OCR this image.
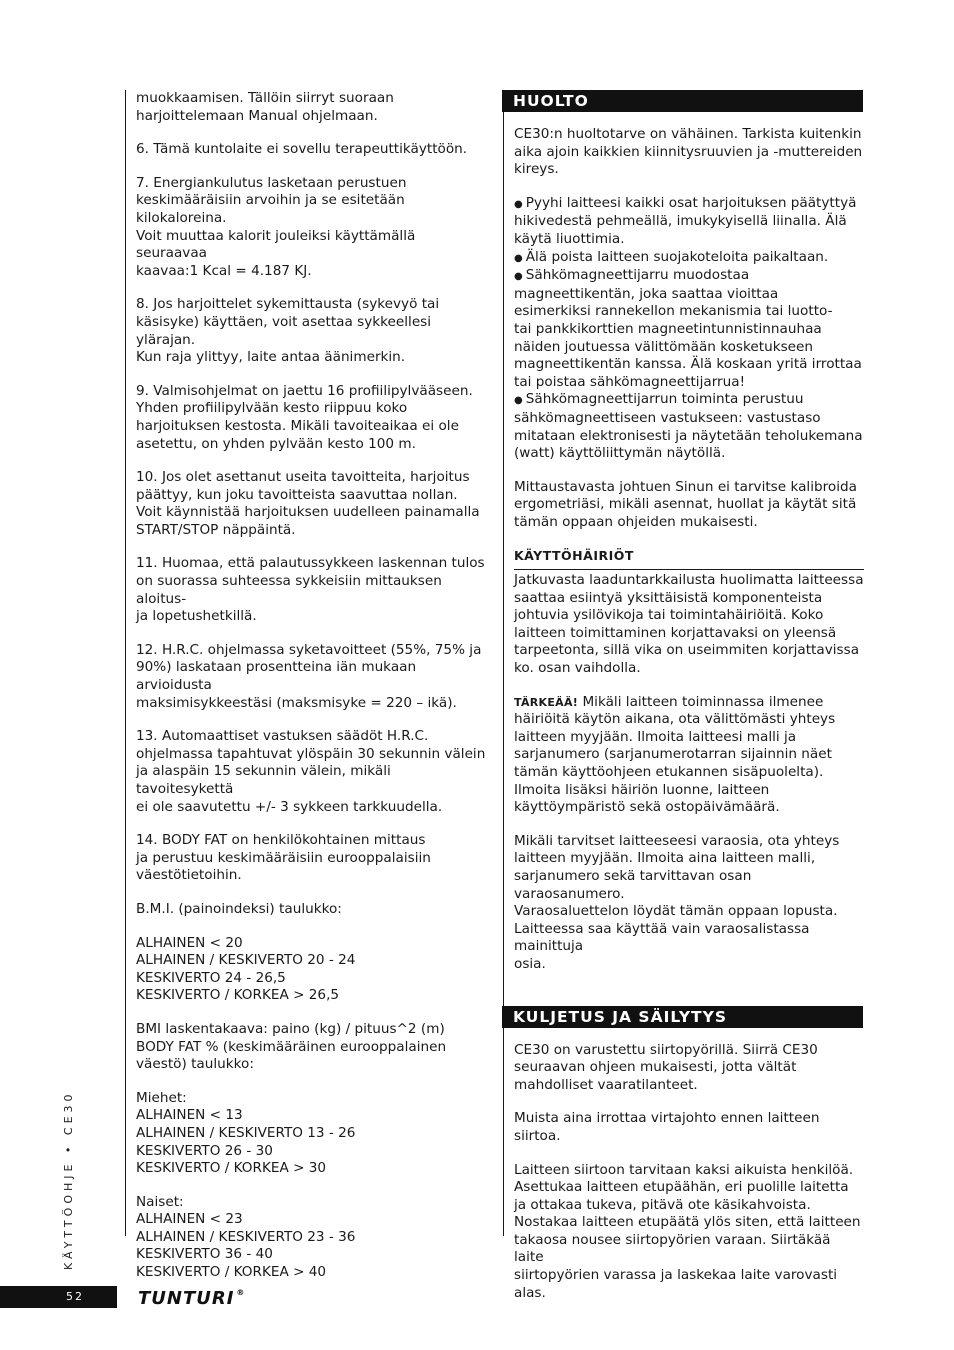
muokkaamisen. Tällöin siirryt suoraan
harjoittelemaan Manual ohjelmaan.

6. Tämä kuntolaite ei sovellu terapeuttikäyttöön.

7. Energiankulutus lasketaan perustuen
keskimääräisiin arvoihin ja se esitetään kilokaloreina.
Voit muuttaa kalorit jouleiksi käyttämällä seuraavaa
kaavaa:1 Kcal = 4.187 KJ.

8. Jos harjoittelet sykemittausta (sykevyö tai
käsisyke) käyttäen, voit asettaa sykkeellesi ylärajan.
Kun raja ylittyy, laite antaa äänimerkin.

9. Valmisohjelmat on jaettu 16 profiilipylvääseen.
Yhden profiilipylvään kesto riippuu koko
harjoituksen kestosta. Mikäli tavoiteaikaa ei ole
asetettu, on yhden pylvään kesto 100 m.

10. Jos olet asettanut useita tavoitteita, harjoitus
päättyy, kun joku tavoitteista saavuttaa nollan.
Voit käynnistää harjoituksen uudelleen painamalla
START/STOP näppäintä.

11. Huomaa, että palautussykkeen laskennan tulos
on suorassa suhteessa sykkeisiin mittauksen aloitus-
ja lopetushetkillä.

12. H.R.C. ohjelmassa syketavoitteet (55%, 75% ja
90%) laskataan prosentteina iän mukaan arvioidusta
maksimisykkeestäsi (maksmisyke = 220 – ikä).

13. Automaattiset vastuksen säädöt H.R.C.
ohjelmassa tapahtuvat ylöspäin 30 sekunnin välein
ja alaspäin 15 sekunnin välein, mikäli tavoitesykettä
ei ole saavutettu +/- 3 sykkeen tarkkuudella.

14. BODY FAT on henkilökohtainen mittaus
ja perustuu keskimääräisiin eurooppalaisiin
väestötietoihin.

B.M.I. (painoindeksi) taulukko:

ALHAINEN < 20
ALHAINEN / KESKIVERTO 20 - 24
KESKIVERTO 24 - 26,5
KESKIVERTO / KORKEA > 26,5

BMI laskentakaava: paino (kg) / pituus^2 (m)
BODY FAT % (keskimääräinen eurooppalainen
väestö) taulukko:

Miehet:
ALHAINEN < 13
ALHAINEN / KESKIVERTO 13 - 26
KESKIVERTO 26 - 30
KESKIVERTO / KORKEA > 30

Naiset:
ALHAINEN < 23
ALHAINEN / KESKIVERTO 23 - 36
KESKIVERTO 36 - 40
KESKIVERTO / KORKEA > 40

HUOLTO

CE30:n huoltotarve on vähäinen. Tarkista kuitenkin
aika ajoin kaikkien kiinnitysruuvien ja -muttereiden
kireys.

● Pyyhi laitteesi kaikki osat harjoituksen päätyttyä
hikivedestä pehmeällä, imukykyisellä liinalla. Älä
käytä liuottimia.

● Älä poista laitteen suojakoteloita paikaltaan.

● Sähkömagneettijarru muodostaa
magneettikentän, joka saattaa vioittaa
esimerkiksi rannekellon mekanismia tai luotto-
tai pankkikorttien magneetintunnistinnauhaa
näiden joutuessa välittömään kosketukseen
magneettikentän kanssa. Älä koskaan yritä irrottaa
tai poistaa sähkömagneettijarrua!

● Sähkömagneettijarrun toiminta perustuu
sähkömagneettiseen vastukseen: vastustaso
mitataan elektronisesti ja näytetään teholukemana
(watt) käyttöliittymän näytöllä.

Mittaustavasta johtuen Sinun ei tarvitse kalibroida
ergometriäsi, mikäli asennat, huollat ja käytät sitä
tämän oppaan ohjeiden mukaisesti.

KÄYTTÖHÄIRIÖT

Jatkuvasta laaduntarkkailusta huolimatta laitteessa
saattaa esiintyä yksittäisistä komponenteista
johtuvia ysilövikoja tai toimintahäiriöitä. Koko
laitteen toimittaminen korjattavaksi on yleensä
tarpeetonta, sillä vika on useimmiten korjattavissa
ko. osan vaihdolla.

TÄRKEÄÄ! Mikäli laitteen toiminnassa ilmenee
häiriöitä käytön aikana, ota välittömästi yhteys
laitteen myyjään. Ilmoita laitteesi malli ja
sarjanumero (sarjanumerotarran sijainnin näet
tämän käyttöohjeen etukannen sisäpuolelta).
Ilmoita lisäksi häiriön luonne, laitteen
käyttöympäristö sekä ostopäivämäärä.

Mikäli tarvitset laitteeseesi varaosia, ota yhteys
laitteen myyjään. Ilmoita aina laitteen malli,
sarjanumero sekä tarvittavan osan varaosanumero.
Varaosaluettelon löydät tämän oppaan lopusta.
Laitteessa saa käyttää vain varaosalistassa mainittuja
osia.

KULJETUS JA SÄILYTYS

CE30 on varustettu siirtopyörillä. Siirrä CE30
seuraavan ohjeen mukaisesti, jotta vältät
mahdolliset vaaratilanteet.

Muista aina irrottaa virtajohto ennen laitteen siirtoa.

Laitteen siirtoon tarvitaan kaksi aikuista henkilöä.
Asettukaa laitteen etupäähän, eri puolille laitetta
ja ottakaa tukeva, pitävä ote käsikahvoista.
Nostakaa laitteen etupäätä ylös siten, että laitteen
takaosa nousee siirtopyörien varaan. Siirtäkää laite
siirtopyörien varassa ja laskekaa laite varovasti alas.

KÄYTTÖOHJE • CE30
52	TUNTURI ®
